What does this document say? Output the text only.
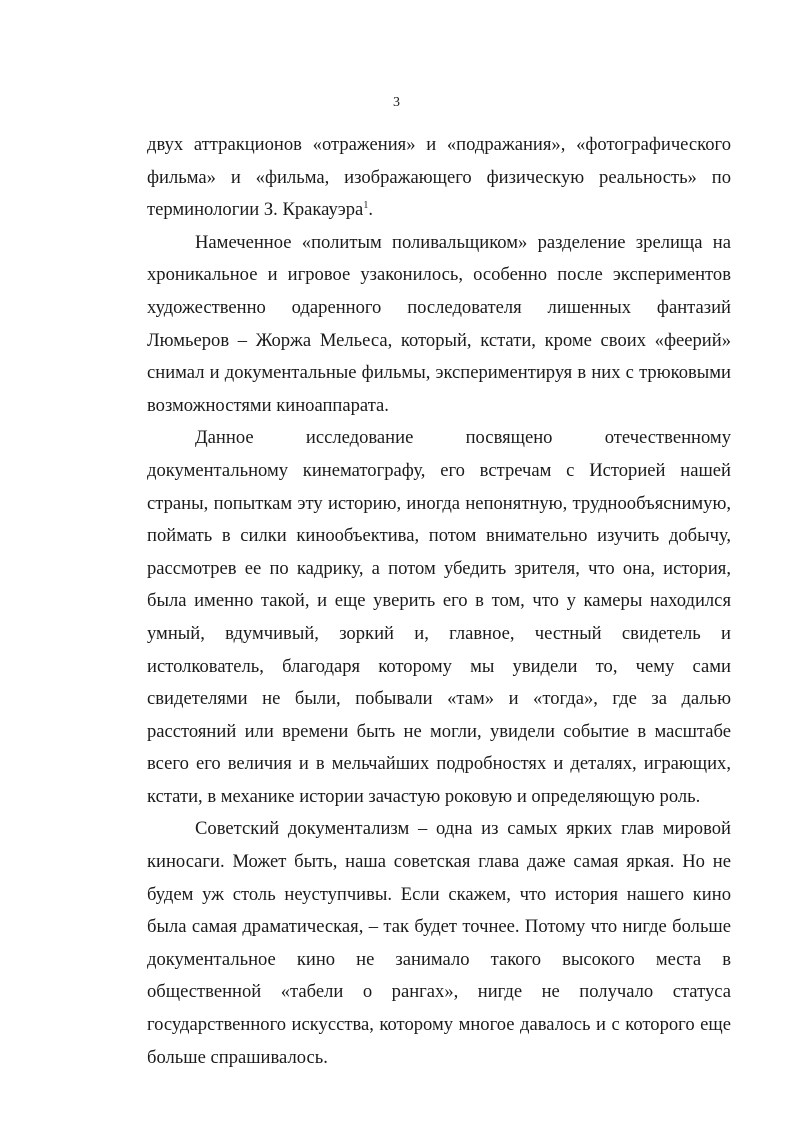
3

двух аттракционов «отражения» и «подражания», «фотографического фильма» и «фильма, изображающего физическую реальность» по терминологии З. Кракауэра$^1$.

Намеченное «политым поливальщиком» разделение зрелища на хроникальное и игровое узаконилось, особенно после экспериментов художественно одаренного последователя лишенных фантазий Люмьеров – Жоржа Мельеса, который, кстати, кроме своих «феерий» снимал и документальные фильмы, экспериментируя в них с трюковыми возможностями киноаппарата.

Данное исследование посвящено отечественному документальному кинематографу, его встречам с Историей нашей страны, попыткам эту историю, иногда непонятную, труднообъяснимую, поймать в силки кинообъектива, потом внимательно изучить добычу, рассмотрев ее по кадрику, а потом убедить зрителя, что она, история, была именно такой, и еще уверить его в том, что у камеры находился умный, вдумчивый, зоркий и, главное, честный свидетель и истолкователь, благодаря которому мы увидели то, чему сами свидетелями не были, побывали «там» и «тогда», где за далью расстояний или времени быть не могли, увидели событие в масштабе всего его величия и в мельчайших подробностях и деталях, играющих, кстати, в механике истории зачастую роковую и определяющую роль.

Советский документализм – одна из самых ярких глав мировой киносаги. Может быть, наша советская глава даже самая яркая. Но не будем уж столь неуступчивы. Если скажем, что история нашего кино была самая драматическая, – так будет точнее. Потому что нигде больше документальное кино не занимало такого высокого места в общественной «табели о рангах», нигде не получало статуса государственного искусства, которому многое давалось и с которого еще больше спрашивалось.
